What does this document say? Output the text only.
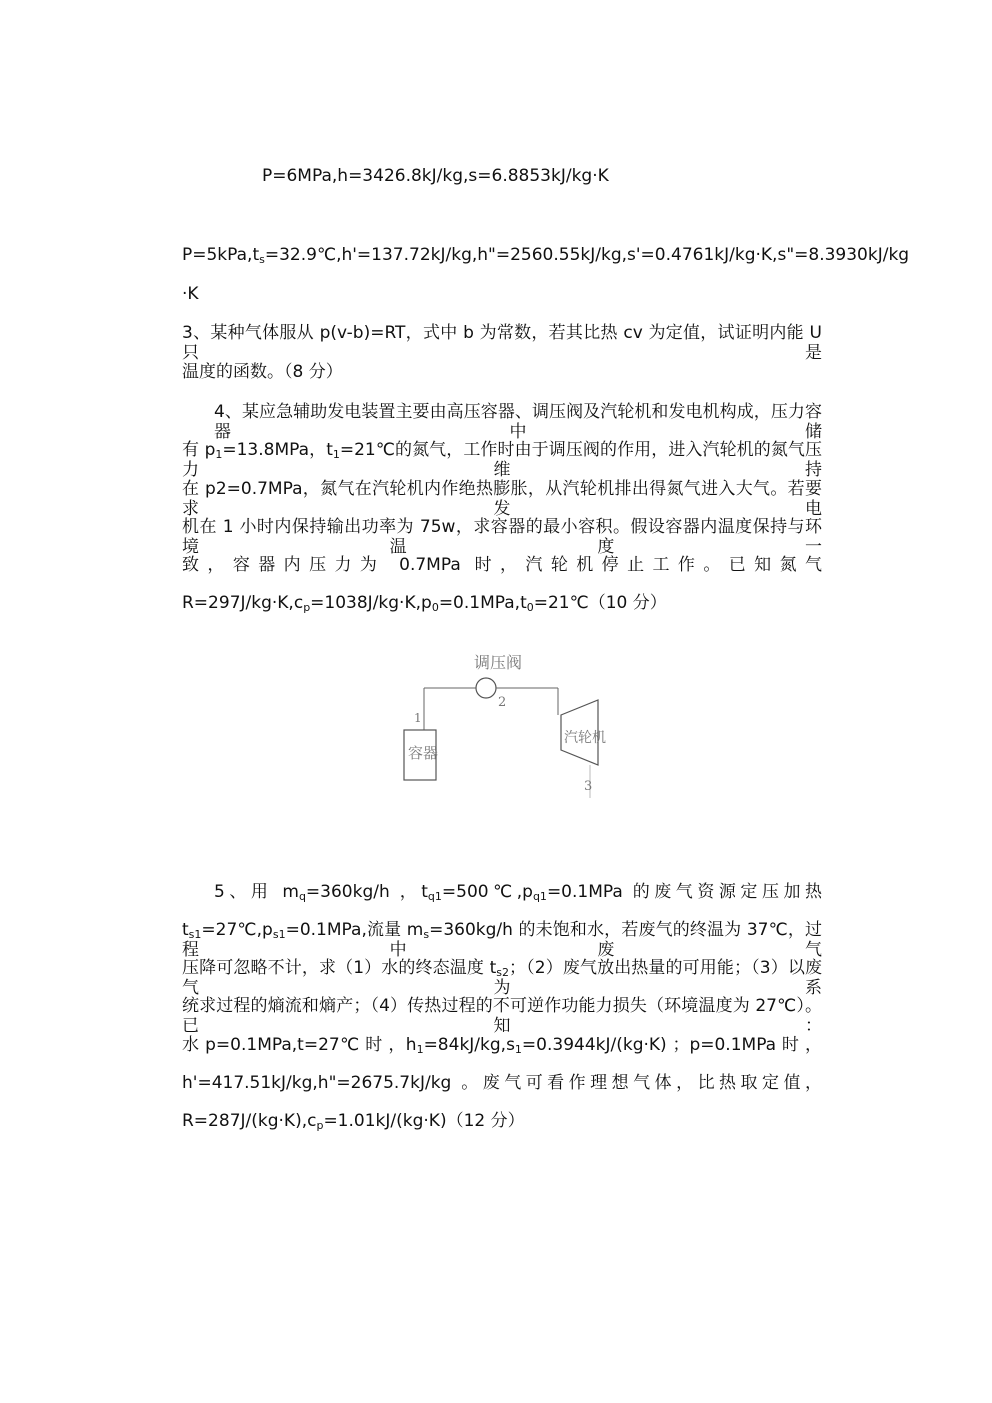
P=6MPa,h=3426.8kJ/kg,s=6.8853kJ/kg·K
$P=5kPa,t_s=32.9℃,h'=137.72kJ/kg,h"=2560.55kJ/kg,s'=0.4761kJ/kg\cdot K,s"=8.3930kJ/kg$
·K
3、某种气体服从 p(v-b)=RT，式中 b 为常数，若其比热 cv 为定值，试证明内能 U 只是
温度的函数。（8 分）
4、某应急辅助发电装置主要由高压容器、调压阀及汽轮机和发电机构成，压力容器中储
有 $p_1=13.8MPa$，$t_1=21℃$的氮气，工作时由于调压阀的作用，进入汽轮机的氮气压力维持
在 p2=0.7MPa，氮气在汽轮机内作绝热膨胀，从汽轮机排出得氮气进入大气。若要求发电
机在 1 小时内保持输出功率为 75w，求容器的最小容积。假设容器内温度保持与环境温度一
致，容器内压力为 0.7MPa 时，汽轮机停止工作。已知氮气
$R=297J/kg\cdot K,c_p=1038J/kg\cdot K,p_0=0.1MPa,t_0=21℃(10$ 分）
调压阀
容器
汽轮机
1
2
3
5、用 $m_q=360kg/h$ ，$t_{q1}=500℃,p_{q1}=0.1MPa$ 的废气资源定压加热
$t_{s1}=27℃,p_{s1}=0.1MPa$,流量 $m_s=360kg/h$ 的未饱和水，若废气的终温为 37℃，过程中废气
压降可忽略不计，求（1）水的终态温度 $t_{s2}$；（2）废气放出热量的可用能；（3）以废气为系
统求过程的熵流和熵产；（4）传热过程的不可逆作功能力损失（环境温度为 27℃）。已知：
水 p=0.1MPa,t=27℃ 时 ，$h_1=84kJ/kg,s_1=0.3944kJ/(kg\cdot K)$ ；p=0.1MPa 时 ，
h'=417.51kJ/kg,h"=2675.7kJ/kg 。废气可看作理想气体，比热取定值，
$R=287J/(kg\cdot K),c_p=1.01kJ/(kg\cdot K)(12$ 分）
